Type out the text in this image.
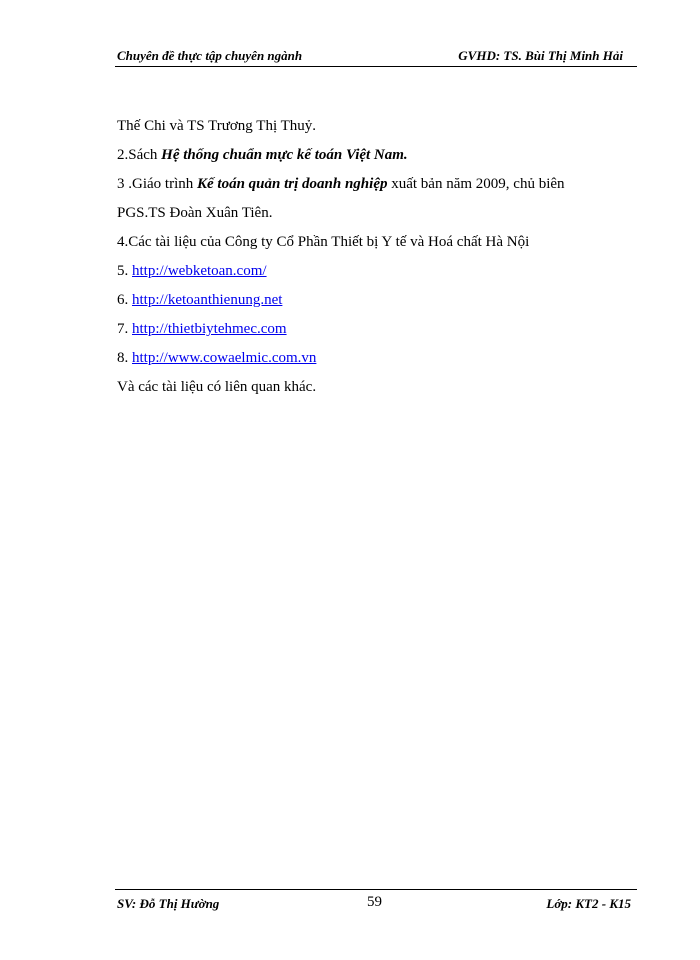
Chuyên đề thực tập chuyên ngành	GVHD: TS. Bùi Thị Minh Hải
Thế Chi và TS Trương Thị Thuỷ.
2.Sách Hệ thống chuẩn mực kế toán Việt Nam.
3 .Giáo trình Kế toán quản trị doanh nghiệp xuất bản năm 2009, chủ biên
PGS.TS Đoàn Xuân Tiên.
4.Các tài liệu của Công ty Cổ Phần Thiết bị Y tế và Hoá chất Hà Nội
5. http://webketoan.com/
6. http://ketoanthienung.net
7. http://thietbiytehmec.com
8. http://www.cowaelmic.com.vn
Và các tài liệu có liên quan khác.
SV: Đỗ Thị Hường	59	Lớp: KT2 - K15
